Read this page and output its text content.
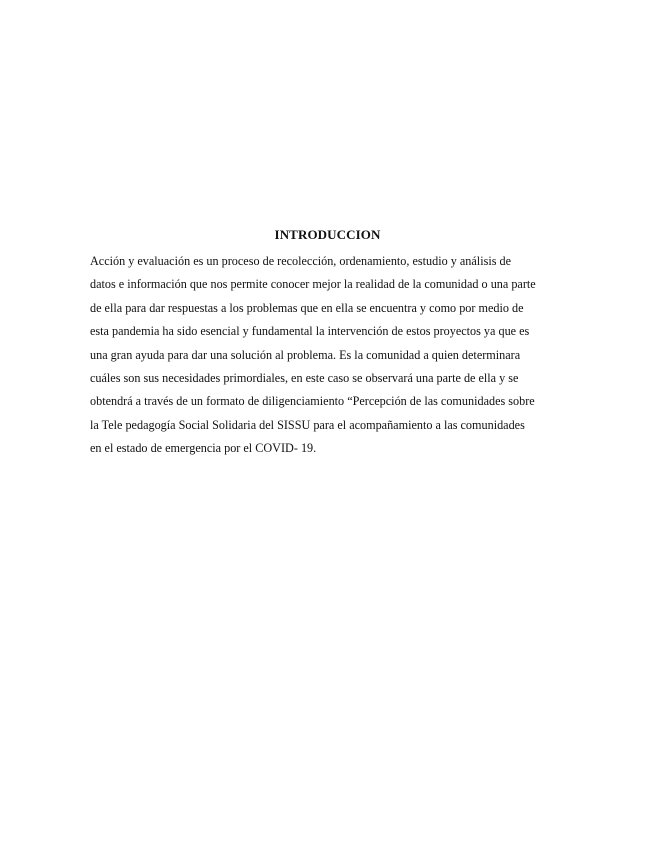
INTRODUCCION
Acción y evaluación es un proceso de recolección, ordenamiento, estudio y análisis de
datos e información que nos permite conocer mejor la realidad de la comunidad o una parte
de ella para dar respuestas a los problemas que en ella se encuentra y como por medio de
esta pandemia ha sido esencial y fundamental la intervención de estos proyectos ya que es
una gran ayuda para dar una solución al problema. Es la comunidad a quien determinara
cuáles son sus necesidades primordiales, en este caso se observará una parte de ella y se
obtendrá a través de un formato de diligenciamiento “Percepción de las comunidades sobre
la Tele pedagogía Social Solidaria del SISSU para el acompañamiento a las comunidades
en el estado de emergencia por el COVID- 19.
